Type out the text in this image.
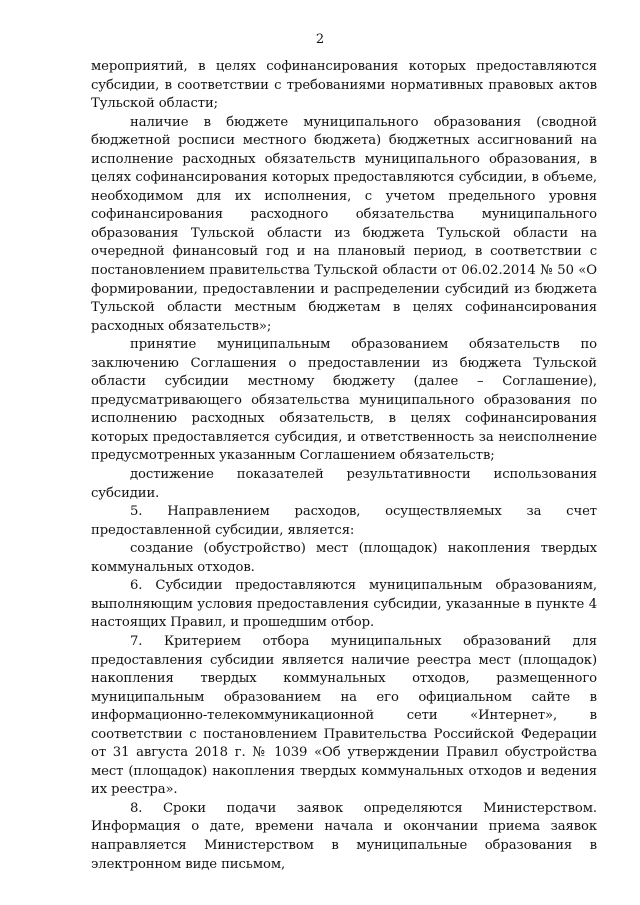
2

мероприятий, в целях софинансирования которых предоставляются субсидии, в соответствии с требованиями нормативных правовых актов Тульской области;

наличие в бюджете муниципального образования (сводной бюджетной росписи местного бюджета) бюджетных ассигнований на исполнение расходных обязательств муниципального образования, в целях софинансирования которых предоставляются субсидии, в объеме, необходимом для их исполнения, с учетом предельного уровня софинансирования расходного обязательства муниципального образования Тульской области из бюджета Тульской области на очередной финансовый год и на плановый период, в соответствии с постановлением правительства Тульской области от 06.02.2014 № 50 «О формировании, предоставлении и распределении субсидий из бюджета Тульской области местным бюджетам в целях софинансирования расходных обязательств»;

принятие муниципальным образованием обязательств по заключению Соглашения о предоставлении из бюджета Тульской области субсидии местному бюджету (далее – Соглашение), предусматривающего обязательства муниципального образования по исполнению расходных обязательств, в целях софинансирования которых предоставляется субсидия, и ответственность за неисполнение предусмотренных указанным Соглашением обязательств;

достижение показателей результативности использования субсидии.

5. Направлением расходов, осуществляемых за счет предоставленной субсидии, является:

создание (обустройство) мест (площадок) накопления твердых коммунальных отходов.

6. Субсидии предоставляются муниципальным образованиям, выполняющим условия предоставления субсидии, указанные в пункте 4 настоящих Правил, и прошедшим отбор.

7. Критерием отбора муниципальных образований для предоставления субсидии является наличие реестра мест (площадок) накопления твердых коммунальных отходов, размещенного муниципальным образованием на его официальном сайте в информационно-телекоммуникационной сети «Интернет», в соответствии с постановлением Правительства Российской Федерации от 31 августа 2018 г. № 1039 «Об утверждении Правил обустройства мест (площадок) накопления твердых коммунальных отходов и ведения их реестра».

8. Сроки подачи заявок определяются Министерством. Информация о дате, времени начала и окончании приема заявок направляется Министерством в муниципальные образования в электронном виде письмом,
